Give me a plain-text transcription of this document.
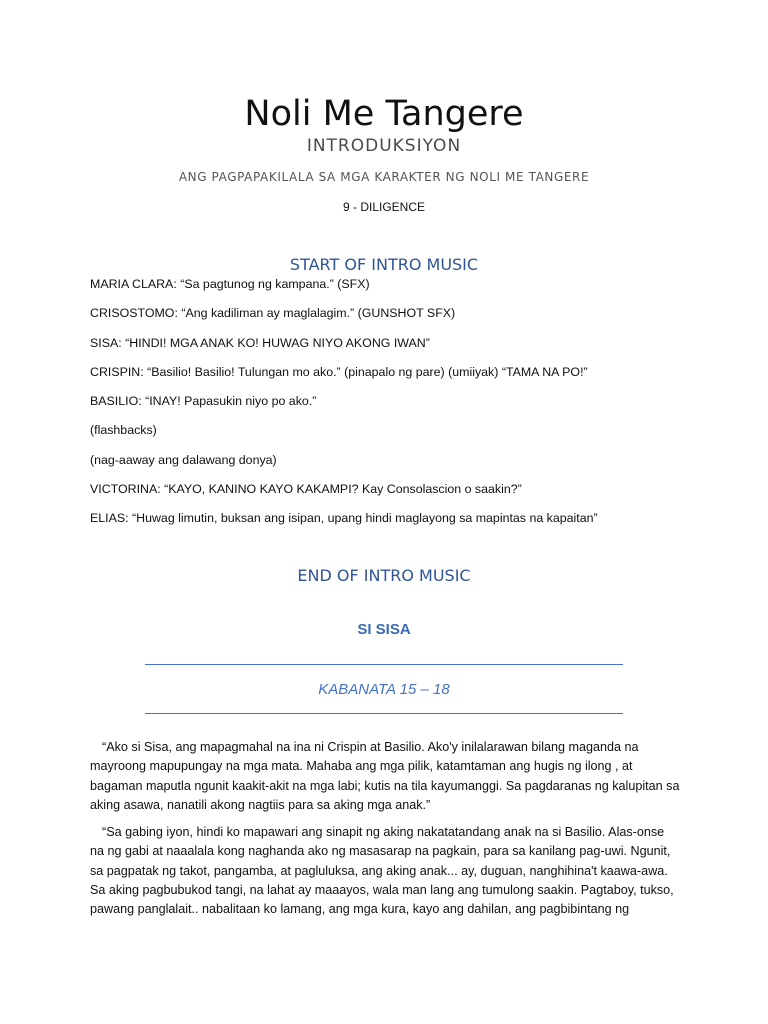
Noli Me Tangere
INTRODUKSIYON
ANG PAGPAPAKILALA SA MGA KARAKTER NG NOLI ME TANGERE
9 - DILIGENCE
START OF INTRO MUSIC
MARIA CLARA: “Sa pagtunog ng kampana.” (SFX)
CRISOSTOMO: “Ang kadiliman ay maglalagim.” (GUNSHOT SFX)
SISA: “HINDI! MGA ANAK KO! HUWAG NIYO AKONG IWAN”
CRISPIN: “Basilio! Basilio! Tulungan mo ako.” (pinapalo ng pare) (umiiyak) “TAMA NA PO!”
BASILIO: “INAY! Papasukin niyo po ako.”
(flashbacks)
(nag-aaway ang dalawang donya)
VICTORINA: “KAYO, KANINO KAYO KAKAMPI? Kay Consolascion o saakin?”
ELIAS: “Huwag limutin, buksan ang isipan, upang hindi maglayong sa mapintas na kapaitan”
END OF INTRO MUSIC
SI SISA
KABANATA 15 – 18

“Ako si Sisa, ang mapagmahal na ina ni Crispin at Basilio. Ako'y inilalarawan bilang maganda na mayroong mapupungay na mga mata. Mahaba ang mga pilik, katamtaman ang hugis ng ilong , at bagaman maputla ngunit kaakit-akit na mga labi; kutis na tila kayumanggi. Sa pagdaranas ng kalupitan sa aking asawa, nanatili akong nagtiis para sa aking mga anak.”

“Sa gabing iyon, hindi ko mapawari ang sinapit ng aking nakatatandang anak na si Basilio. Alas-onse na ng gabi at naaalala kong naghanda ako ng masasarap na pagkain, para sa kanilang pag-uwi. Ngunit, sa pagpatak ng takot, pangamba, at pagluluksa, ang aking anak... ay, duguan, nanghihina't kaawa-awa. Sa aking pagbubukod tangi, na lahat ay maaayos, wala man lang ang tumulong saakin. Pagtaboy, tukso, pawang panglalait.. nabalitaan ko lamang, ang mga kura, kayo ang dahilan, ang pagbibintang ng
